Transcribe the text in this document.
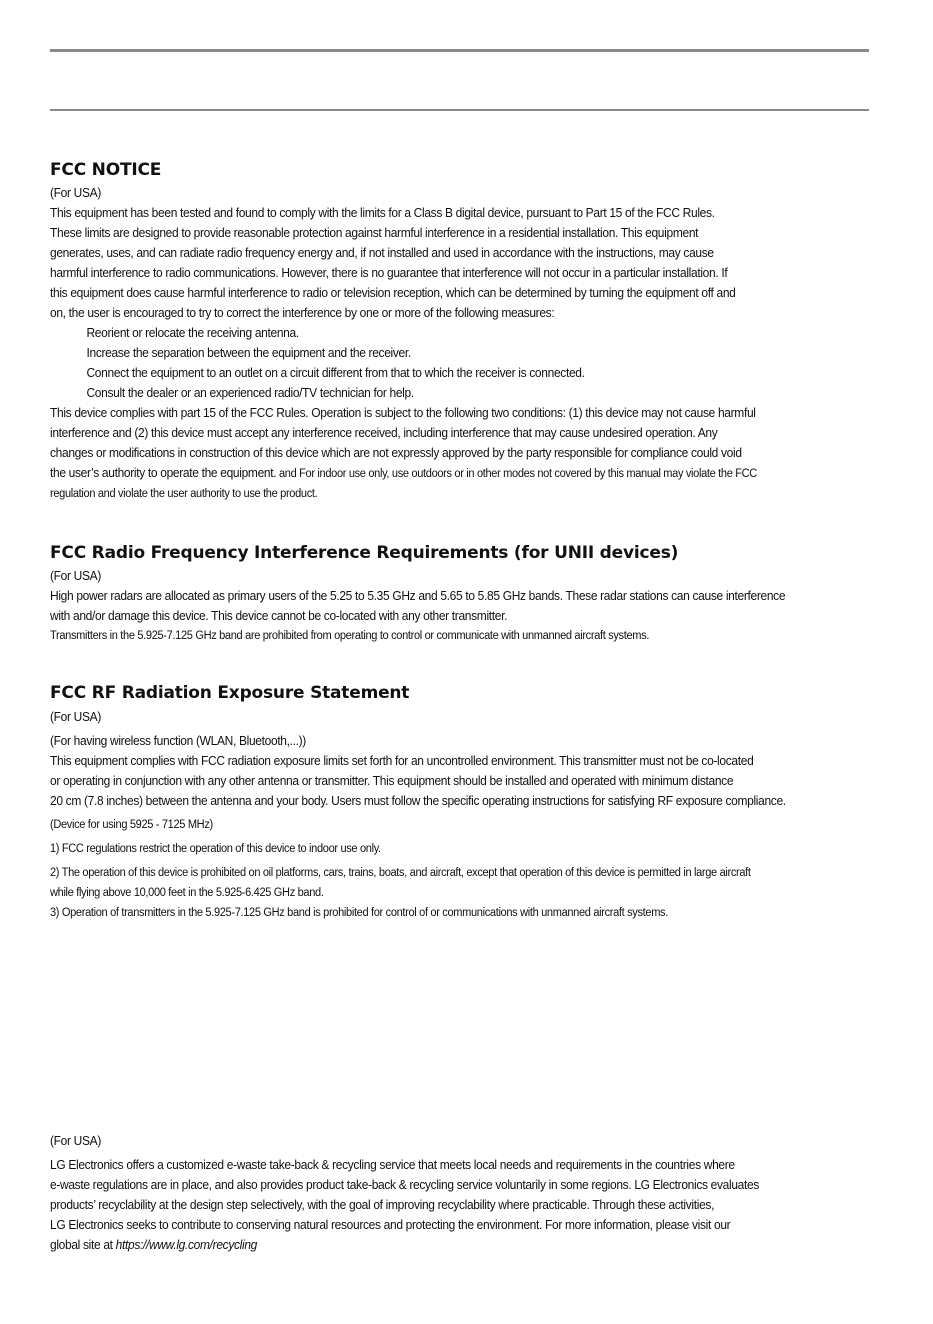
FCC NOTICE

(For USA)

This equipment has been tested and found to comply with the limits for a Class B digital device, pursuant to Part 15 of the FCC Rules.

These limits are designed to provide reasonable protection against harmful interference in a residential installation. This equipment

generates, uses, and can radiate radio frequency energy and, if not installed and used in accordance with the instructions, may cause

harmful interference to radio communications. However, there is no guarantee that interference will not occur in a particular installation. If

this equipment does cause harmful interference to radio or television reception, which can be determined by turning the equipment off and

on, the user is encouraged to try to correct the interference by one or more of the following measures:

Reorient or relocate the receiving antenna.

Increase the separation between the equipment and the receiver.

Connect the equipment to an outlet on a circuit different from that to which the receiver is connected.

Consult the dealer or an experienced radio/TV technician for help.

This device complies with part 15 of the FCC Rules. Operation is subject to the following two conditions: (1) this device may not cause harmful

interference and (2) this device must accept any interference received, including interference that may cause undesired operation. Any

changes or modifications in construction of this device which are not expressly approved by the party responsible for compliance could void

the user’s authority to operate the equipment. and For indoor use only, use outdoors or in other modes not covered by this manual may violate the FCC

regulation and violate the user authority to use the product.

FCC Radio Frequency Interference Requirements (for UNII devices)

(For USA)

High power radars are allocated as primary users of the 5.25 to 5.35 GHz and 5.65 to 5.85 GHz bands. These radar stations can cause interference

with and/or damage this device. This device cannot be co-located with any other transmitter.

Transmitters in the 5.925-7.125 GHz band are prohibited from operating to control or communicate with unmanned aircraft systems.

FCC RF Radiation Exposure Statement

(For USA)

(For having wireless function (WLAN, Bluetooth,...))

This equipment complies with FCC radiation exposure limits set forth for an uncontrolled environment. This transmitter must not be co-located

or operating in conjunction with any other antenna or transmitter. This equipment should be installed and operated with minimum distance

20 cm (7.8 inches) between the antenna and your body. Users must follow the specific operating instructions for satisfying RF exposure compliance.

(Device for using 5925 - 7125 MHz)

1) FCC regulations restrict the operation of this device to indoor use only.

2) The operation of this device is prohibited on oil platforms, cars, trains, boats, and aircraft, except that operation of this device is permitted in large aircraft

while flying above 10,000 feet in the 5.925-6.425 GHz band.

3) Operation of transmitters in the 5.925-7.125 GHz band is prohibited for control of or communications with unmanned aircraft systems.

(For USA)

LG Electronics offers a customized e-waste take-back & recycling service that meets local needs and requirements in the countries where

e-waste regulations are in place, and also provides product take-back & recycling service voluntarily in some regions. LG Electronics evaluates

products’ recyclability at the design step selectively, with the goal of improving recyclability where practicable. Through these activities,

LG Electronics seeks to contribute to conserving natural resources and protecting the environment. For more information, please visit our

global site at https://www.lg.com/recycling
